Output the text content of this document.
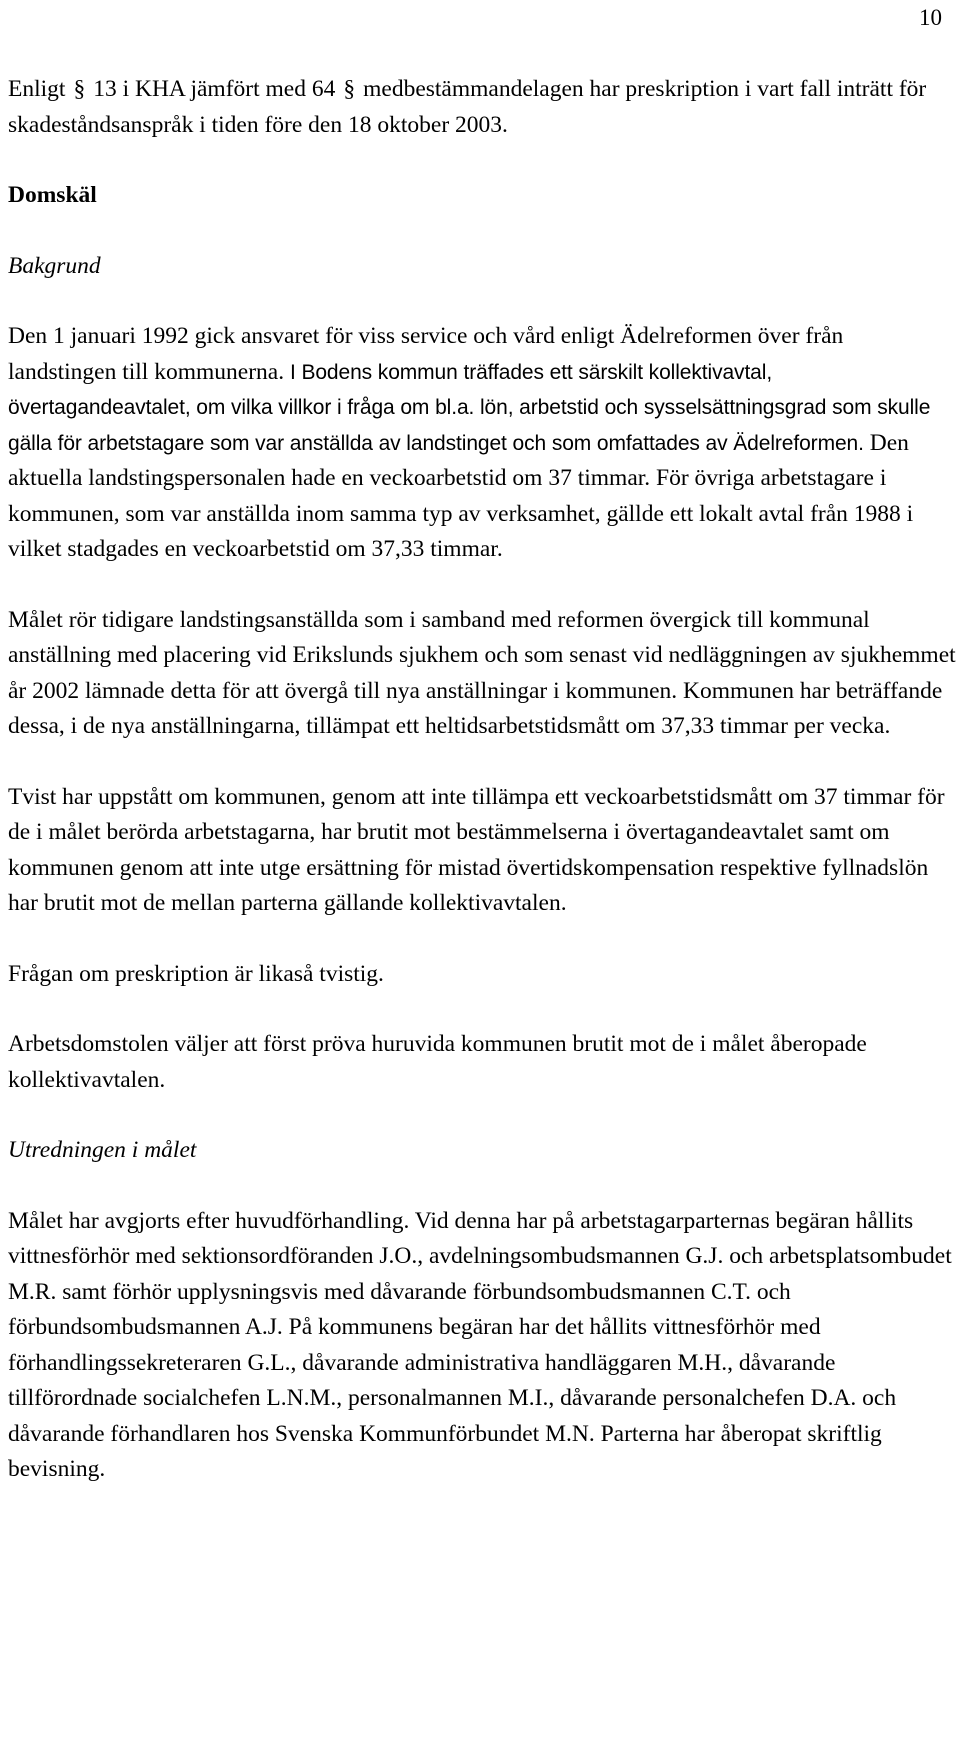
10

Enligt § 13 i KHA jämfört med 64 § medbestämmandelagen har preskription i vart fall inträtt för skadeståndsanspråk i tiden före den 18 oktober 2003.

Domskäl

Bakgrund

Den 1 januari 1992 gick ansvaret för viss service och vård enligt Ädelreformen över från landstingen till kommunerna. I Bodens kommun träffades ett särskilt kollektivavtal, övertagandeavtalet, om vilka villkor i fråga om bl.a. lön, arbetstid och sysselsättningsgrad som skulle gälla för arbetstagare som var anställda av landstinget och som omfattades av Ädelreformen. Den aktuella landstingspersonalen hade en veckoarbetstid om 37 timmar. För övriga arbetstagare i kommunen, som var anställda inom samma typ av verksamhet, gällde ett lokalt avtal från 1988 i vilket stadgades en veckoarbetstid om 37,33 timmar.

Målet rör tidigare landstingsanställda som i samband med reformen övergick till kommunal anställning med placering vid Erikslunds sjukhem och som senast vid nedläggningen av sjukhemmet år 2002 lämnade detta för att övergå till nya anställningar i kommunen. Kommunen har beträffande dessa, i de nya anställningarna, tillämpat ett heltidsarbetstidsmått om 37,33 timmar per vecka.

Tvist har uppstått om kommunen, genom att inte tillämpa ett veckoarbetstidsmått om 37 timmar för de i målet berörda arbetstagarna, har brutit mot bestämmelserna i övertagandeavtalet samt om kommunen genom att inte utge ersättning för mistad övertidskompensation respektive fyllnadslön har brutit mot de mellan parterna gällande kollektivavtalen.

Frågan om preskription är likaså tvistig.

Arbetsdomstolen väljer att först pröva huruvida kommunen brutit mot de i målet åberopade kollektivavtalen.

Utredningen i målet

Målet har avgjorts efter huvudförhandling. Vid denna har på arbetstagarparternas begäran hållits vittnesförhör med sektionsordföranden J.O., avdelningsombudsmannen G.J. och arbetsplatsombudet M.R. samt förhör upplysningsvis med dåvarande förbundsombudsmannen C.T. och förbundsombudsmannen A.J. På kommunens begäran har det hållits vittnesförhör med förhandlingssekreteraren G.L., dåvarande administrativa handläggaren M.H., dåvarande tillförordnade socialchefen L.N.M., personalmannen M.I., dåvarande personalchefen D.A. och dåvarande förhandlaren hos Svenska Kommunförbundet M.N. Parterna har åberopat skriftlig bevisning.
